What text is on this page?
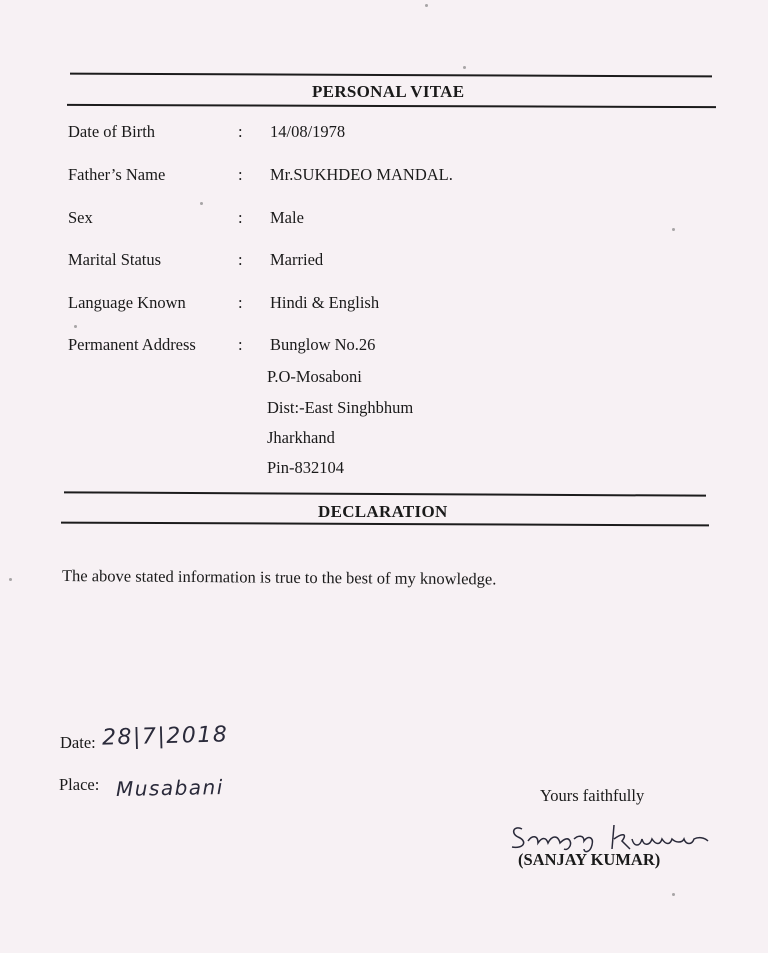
PERSONAL VITAE
Date of Birth	: 14/08/1978
Father’s Name	: Mr.SUKHDEO MANDAL.
Sex	: Male
Marital Status	: Married
Language Known	: Hindi & English
Permanent Address	: Bunglow No.26
P.O-Mosaboni
Dist:-East Singhbhum
Jharkhand
Pin-832104
DECLARATION
The above stated information is true to the best of my knowledge.
Date: 28|7|2018
Place: Musabani	Yours faithfully
(SANJAY KUMAR)
